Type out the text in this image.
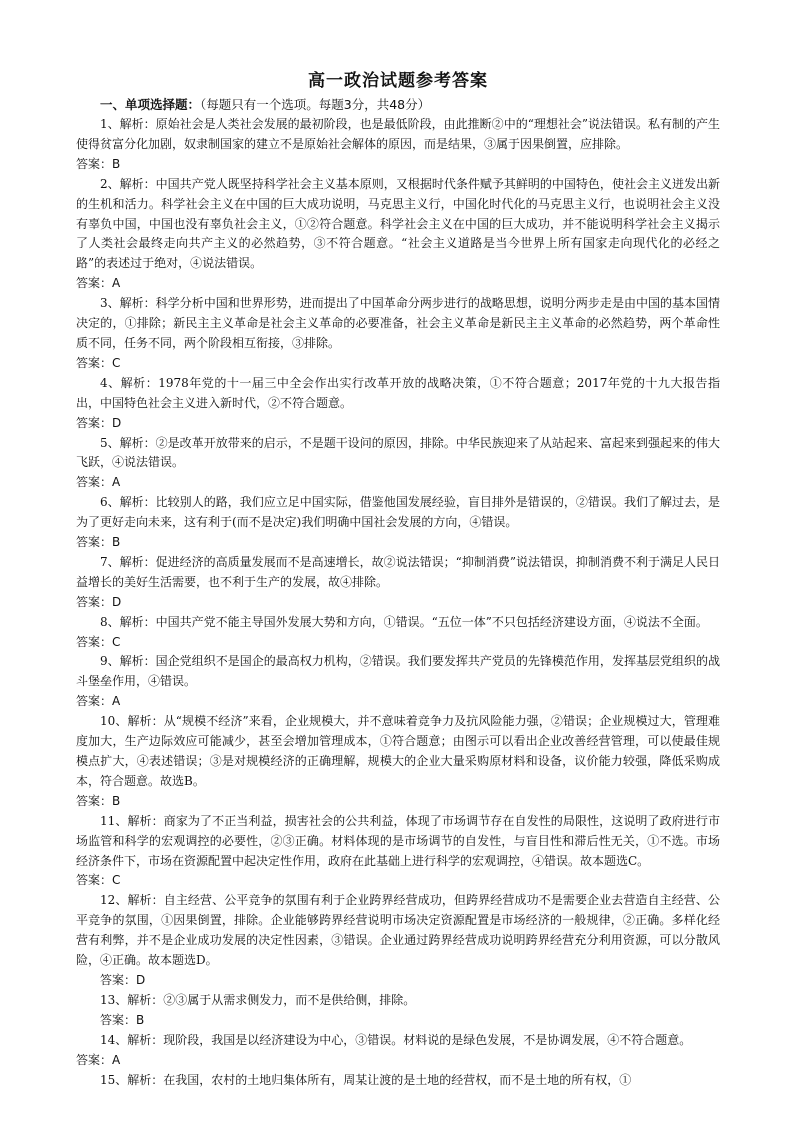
高一政治试题参考答案
一、单项选择题：（每题只有一个选项。每题3分，共48分）

1、解析：原始社会是人类社会发展的最初阶段，也是最低阶段，由此推断②中的“理想社会”说法错误。私有制的产生使得贫富分化加剧，奴隶制国家的建立不是原始社会解体的原因，而是结果，③属于因果倒置，应排除。

答案：B

2、解析：中国共产党人既坚持科学社会主义基本原则，又根据时代条件赋予其鲜明的中国特色，使社会主义迸发出新的生机和活力。科学社会主义在中国的巨大成功说明，马克思主义行，中国化时代化的马克思主义行，也说明社会主义没有辜负中国，中国也没有辜负社会主义，①②符合题意。科学社会主义在中国的巨大成功，并不能说明科学社会主义揭示了人类社会最终走向共产主义的必然趋势，③不符合题意。“社会主义道路是当今世界上所有国家走向现代化的必经之路”的表述过于绝对，④说法错误。

答案：A

3、解析：科学分析中国和世界形势，进而提出了中国革命分两步进行的战略思想，说明分两步走是由中国的基本国情决定的，①排除；新民主主义革命是社会主义革命的必要准备，社会主义革命是新民主主义革命的必然趋势，两个革命性质不同，任务不同，两个阶段相互衔接，③排除。

答案：C

4、解析：1978年党的十一届三中全会作出实行改革开放的战略决策，①不符合题意；2017年党的十九大报告指出，中国特色社会主义进入新时代，②不符合题意。

答案：D

5、解析：②是改革开放带来的启示，不是题干设问的原因，排除。中华民族迎来了从站起来、富起来到强起来的伟大飞跃，④说法错误。

答案：A

6、解析：比较别人的路，我们应立足中国实际，借鉴他国发展经验，盲目排外是错误的，②错误。我们了解过去，是为了更好走向未来，这有利于(而不是决定)我们明确中国社会发展的方向，④错误。

答案：B

7、解析：促进经济的高质量发展而不是高速增长，故②说法错误；“抑制消费”说法错误，抑制消费不利于满足人民日益增长的美好生活需要，也不利于生产的发展，故④排除。

答案：D

8、解析：中国共产党不能主导国外发展大势和方向，①错误。“五位一体”不只包括经济建设方面，④说法不全面。

答案：C

9、解析：国企党组织不是国企的最高权力机构，②错误。我们要发挥共产党员的先锋模范作用，发挥基层党组织的战斗堡垒作用，④错误。

答案：A

10、解析：从“规模不经济”来看，企业规模大，并不意味着竞争力及抗风险能力强，②错误；企业规模过大，管理难度加大，生产边际效应可能减少，甚至会增加管理成本，①符合题意；由图示可以看出企业改善经营管理，可以使最佳规模点扩大，④表述错误；③是对规模经济的正确理解，规模大的企业大量采购原材料和设备，议价能力较强，降低采购成本，符合题意。故选B。

答案：B

11、解析：商家为了不正当利益，损害社会的公共利益，体现了市场调节存在自发性的局限性，这说明了政府进行市场监管和科学的宏观调控的必要性，②③正确。材料体现的是市场调节的自发性，与盲目性和滞后性无关，①不选。市场经济条件下，市场在资源配置中起决定性作用，政府在此基础上进行科学的宏观调控，④错误。故本题选C。

答案：C

12、解析：自主经营、公平竞争的氛围有利于企业跨界经营成功，但跨界经营成功不是需要企业去营造自主经营、公平竞争的氛围，①因果倒置，排除。企业能够跨界经营说明市场决定资源配置是市场经济的一般规律，②正确。多样化经营有利弊，并不是企业成功发展的决定性因素，③错误。企业通过跨界经营成功说明跨界经营充分利用资源，可以分散风险，④正确。故本题选D。

答案：D

13、解析：②③属于从需求侧发力，而不是供给侧，排除。

答案：B

14、解析：现阶段，我国是以经济建设为中心，③错误。材料说的是绿色发展，不是协调发展，④不符合题意。

答案：A

15、解析：在我国，农村的土地归集体所有，周某让渡的是土地的经营权，而不是土地的所有权，①
